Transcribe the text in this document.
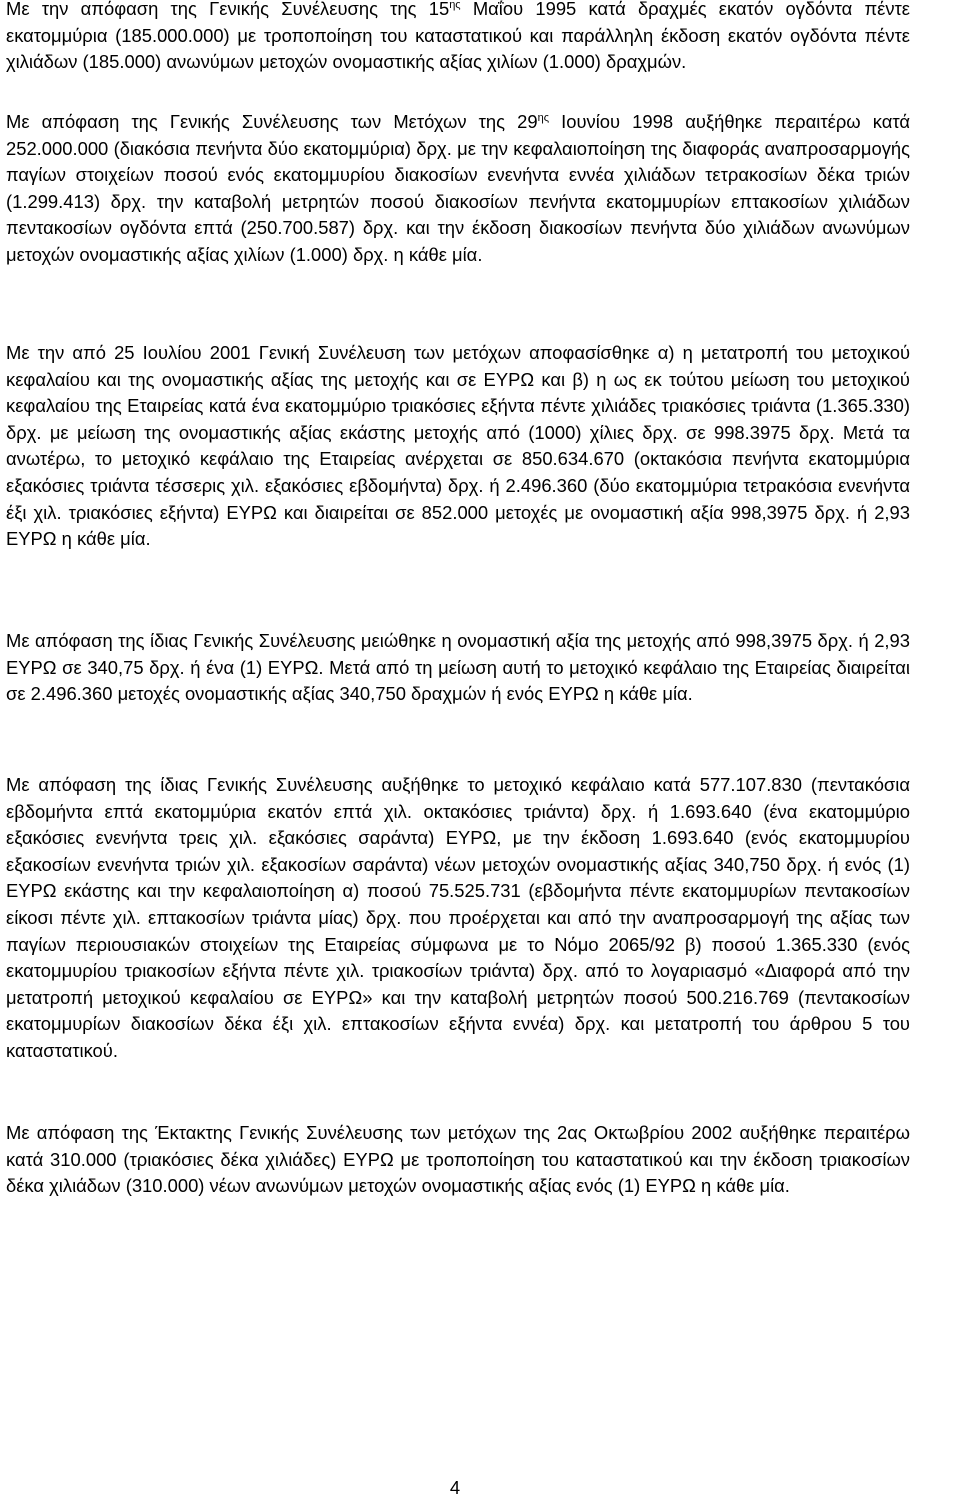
Με την απόφαση της Γενικής Συνέλευσης της $15^{\eta\varsigma}$ Μαΐου 1995 κατά δραχμές εκατόν ογδόντα πέντε εκατομμύρια (185.000.000) με τροποποίηση του καταστατικού και παράλληλη έκδοση εκατόν ογδόντα πέντε χιλιάδων (185.000) ανωνύμων μετοχών ονομαστικής αξίας χιλίων (1.000) δραχμών.

Με απόφαση της Γενικής Συνέλευσης των Μετόχων της $29^{\eta\varsigma}$ Ιουνίου 1998 αυξήθηκε περαιτέρω κατά 252.000.000 (διακόσια πενήντα δύο εκατομμύρια) δρχ. με την κεφαλαιοποίηση της διαφοράς αναπροσαρμογής παγίων στοιχείων ποσού ενός εκατομμυρίου διακοσίων ενενήντα εννέα χιλιάδων τετρακοσίων δέκα τριών (1.299.413) δρχ. την καταβολή μετρητών ποσού διακοσίων πενήντα εκατομμυρίων επτακοσίων χιλιάδων πεντακοσίων ογδόντα επτά (250.700.587) δρχ. και την έκδοση διακοσίων πενήντα δύο χιλιάδων ανωνύμων μετοχών ονομαστικής αξίας χιλίων (1.000) δρχ. η κάθε μία.

Με την από 25 Ιουλίου 2001 Γενική Συνέλευση των μετόχων αποφασίσθηκε α) η μετατροπή του μετοχικού κεφαλαίου και της ονομαστικής αξίας της μετοχής και σε ΕΥΡΩ και β) η ως εκ τούτου μείωση του μετοχικού κεφαλαίου της Εταιρείας κατά ένα εκατομμύριο τριακόσιες εξήντα πέντε χιλιάδες τριακόσιες τριάντα (1.365.330) δρχ. με μείωση της ονομαστικής αξίας εκάστης μετοχής από (1000) χίλιες δρχ. σε 998.3975 δρχ. Μετά τα ανωτέρω, το μετοχικό κεφάλαιο της Εταιρείας ανέρχεται σε 850.634.670 (οκτακόσια πενήντα εκατομμύρια εξακόσιες τριάντα τέσσερις χιλ. εξακόσιες εβδομήντα) δρχ. ή 2.496.360 (δύο εκατομμύρια τετρακόσια ενενήντα έξι χιλ. τριακόσιες εξήντα) ΕΥΡΩ και διαιρείται σε 852.000 μετοχές με ονομαστική αξία 998,3975 δρχ. ή 2,93 ΕΥΡΩ η κάθε μία.

Με απόφαση της ίδιας Γενικής Συνέλευσης μειώθηκε η ονομαστική αξία της μετοχής από 998,3975 δρχ. ή 2,93 ΕΥΡΩ σε 340,75 δρχ. ή ένα (1) ΕΥΡΩ. Μετά από τη μείωση αυτή το μετοχικό κεφάλαιο της Εταιρείας διαιρείται σε 2.496.360 μετοχές ονομαστικής αξίας 340,750 δραχμών ή ενός ΕΥΡΩ η κάθε μία.

Με απόφαση της ίδιας Γενικής Συνέλευσης αυξήθηκε το μετοχικό κεφάλαιο κατά 577.107.830 (πεντακόσια εβδομήντα επτά εκατομμύρια εκατόν επτά χιλ. οκτακόσιες τριάντα) δρχ. ή 1.693.640 (ένα εκατομμύριο εξακόσιες ενενήντα τρεις χιλ. εξακόσιες σαράντα) ΕΥΡΩ, με την έκδοση 1.693.640 (ενός εκατομμυρίου εξακοσίων ενενήντα τριών χιλ. εξακοσίων σαράντα) νέων μετοχών ονομαστικής αξίας 340,750 δρχ. ή ενός (1) ΕΥΡΩ εκάστης και την κεφαλαιοποίηση α) ποσού 75.525.731 (εβδομήντα πέντε εκατομμυρίων πεντακοσίων είκοσι πέντε χιλ. επτακοσίων τριάντα μίας) δρχ. που προέρχεται και από την αναπροσαρμογή της αξίας των παγίων περιουσιακών στοιχείων της Εταιρείας σύμφωνα με το Νόμο 2065/92 β) ποσού 1.365.330 (ενός εκατομμυρίου τριακοσίων εξήντα πέντε χιλ. τριακοσίων τριάντα) δρχ. από το λογαριασμό «Διαφορά από την μετατροπή μετοχικού κεφαλαίου σε ΕΥΡΩ» και την καταβολή μετρητών ποσού 500.216.769 (πεντακοσίων εκατομμυρίων διακοσίων δέκα έξι χιλ. επτακοσίων εξήντα εννέα) δρχ. και μετατροπή του άρθρου 5 του καταστατικού.

Με απόφαση της Έκτακτης Γενικής Συνέλευσης των μετόχων της 2ας Οκτωβρίου 2002 αυξήθηκε περαιτέρω κατά 310.000 (τριακόσιες δέκα χιλιάδες) ΕΥΡΩ με τροποποίηση του καταστατικού και την έκδοση τριακοσίων δέκα χιλιάδων (310.000) νέων ανωνύμων μετοχών ονομαστικής αξίας ενός (1) ΕΥΡΩ η κάθε μία.

4
